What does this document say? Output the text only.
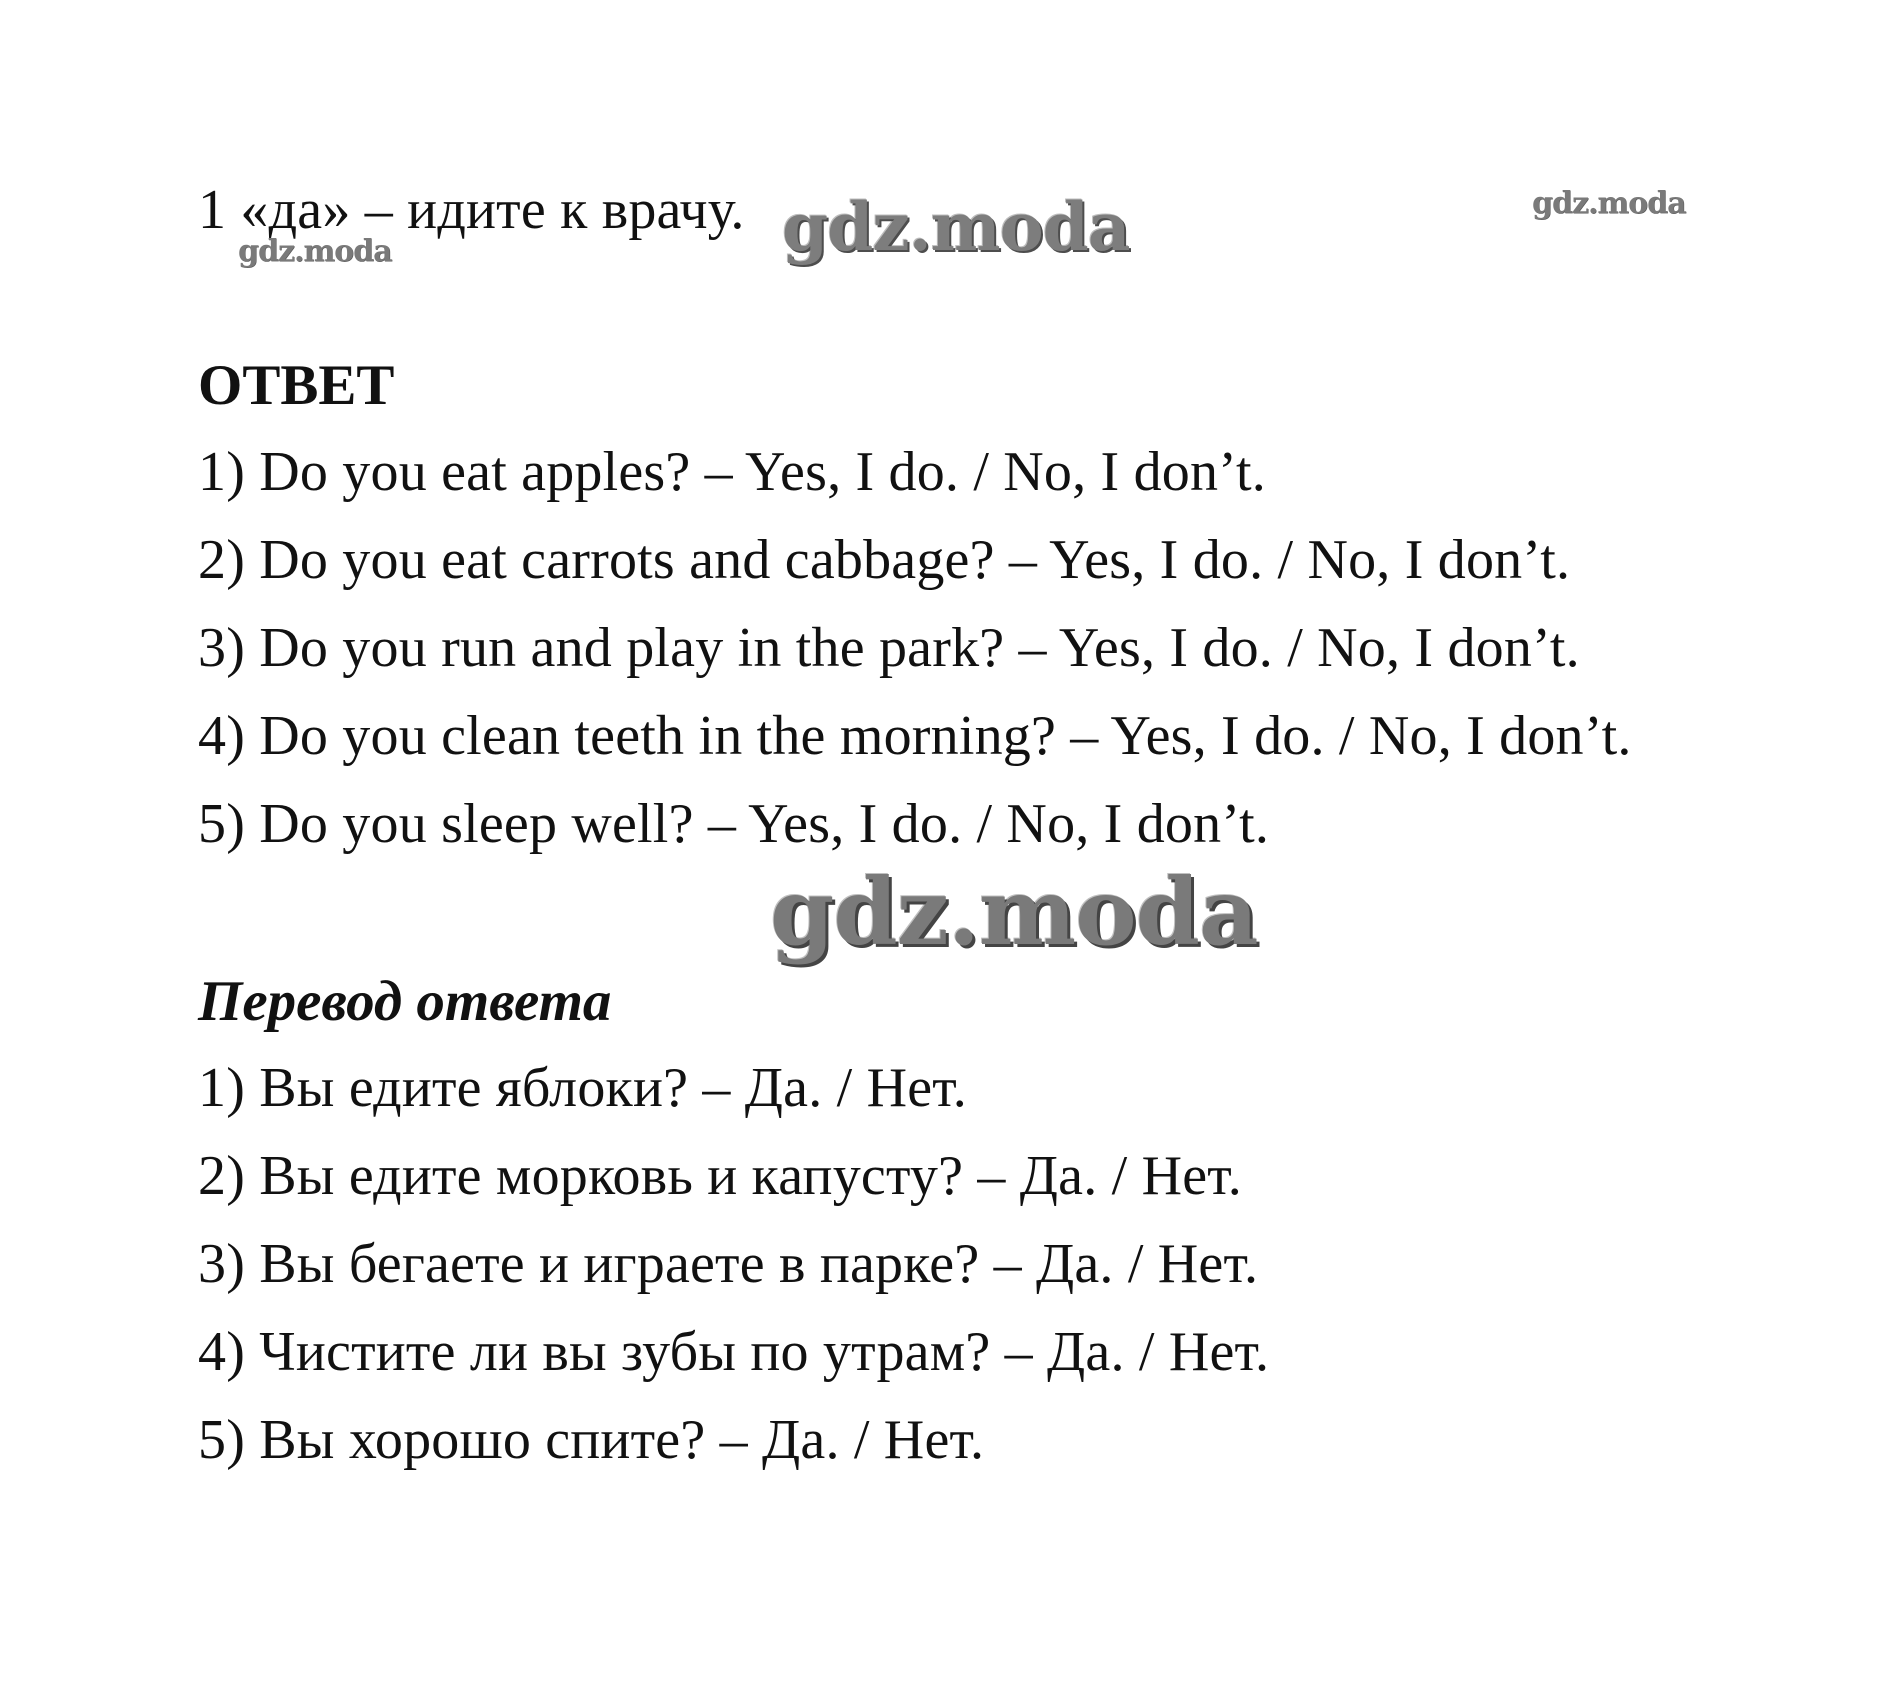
1 «да» – идите к врачу.
gdz.moda	gdz.moda	gdz.moda
ОТВЕТ
1) Do you eat apples? – Yes, I do. / No, I don’t.
2) Do you eat carrots and cabbage? – Yes, I do. / No, I don’t.
3) Do you run and play in the park? – Yes, I do. / No, I don’t.
4) Do you clean teeth in the morning? – Yes, I do. / No, I don’t.
5) Do you sleep well? – Yes, I do. / No, I don’t.
gdz.moda
Перевод ответа
1) Вы едите яблоки? – Да. / Нет.
2) Вы едите морковь и капусту? – Да. / Нет.
3) Вы бегаете и играете в парке? – Да. / Нет.
4) Чистите ли вы зубы по утрам? – Да. / Нет.
5) Вы хорошо спите? – Да. / Нет.
